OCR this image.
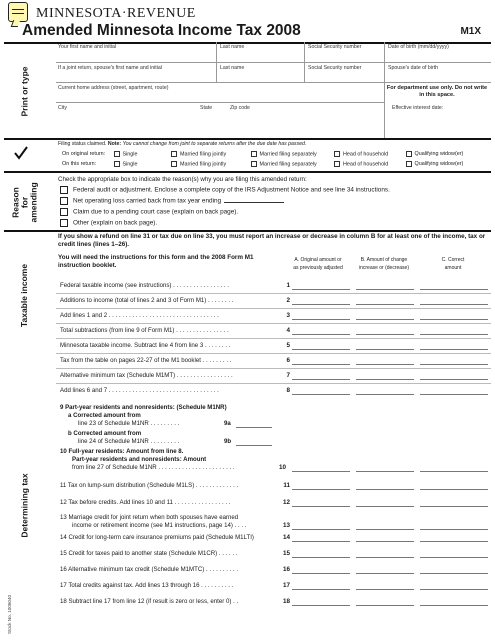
MINNESOTA·REVENUE
Amended Minnesota Income Tax 2008	M1X
Print or type
Your first name and initial	Last name	Social Security number	Date of birth (mm/dd/yyyy)
If a joint return, spouse's first name and initial	Last name	Social Security number	Spouse's date of birth
Current home address (street, apartment, route)	For department use only. Do not write in this space.
City	State	Zip code	Effective interest date:
Filing status claimed. Note: You cannot change from joint to separate returns after the due date has passed.
On original return:	Single	Married filing jointly	Married filing separately	Head of household	Qualifying widow(er)
On this return:	Single	Married filing jointly	Married filing separately	Head of household	Qualifying widow(er)
Reason for amending
Check the appropriate box to indicate the reason(s) why you are filing this amended return:
Federal audit or adjustment. Enclose a complete copy of the IRS Adjustment Notice and see line 34 instructions.
Net operating loss carried back from tax year ending
Claim due to a pending court case (explain on back page).
Other (explain on back page).
If you show a refund on line 31 or tax due on line 33, you must report an increase or decrease in column B for at least one of the income, tax or credit lines (lines 1–26).
You will need the instructions for this form and the 2008 Form M1 instruction booklet.
A. Original amount or
as previously adjusted
B. Amount of change
increase or (decrease)
C. Correct
amount
Taxable income
Determining tax
Federal taxable income (see instructions) . . . . . . . . . . . . . . . . .	1
Additions to income (total of lines 2 and 3 of Form M1) . . . . . . . .	2
Add lines 1 and 2 . . . . . . . . . . . . . . . . . . . . . . . . . . . . . . . . .	3
Total subtractions (from line 9 of Form M1) . . . . . . . . . . . . . . . .	4
Minnesota taxable income. Subtract line 4 from line 3 . . . . . . . .	5
Tax from the table on pages 22-27 of the M1 booklet . . . . . . . . .	6
Alternative minimum tax (Schedule M1MT) . . . . . . . . . . . . . . . . .	7
Add lines 6 and 7 . . . . . . . . . . . . . . . . . . . . . . . . . . . . . . . . .	8
9 Part-year residents and nonresidents: (Schedule M1NR)
a Corrected amount from
line 23 of Schedule M1NR . . . . . . . . .	9a
b Corrected amount from
line 24 of Schedule M1NR . . . . . . . . .	9b
10 Full-year residents: Amount from line 8.
Part-year residents and nonresidents: Amount
from line 27 of Schedule M1NR . . . . . . . . . . . . . . . . . . . . . . .	10
11 Tax on lump-sum distribution (Schedule M1LS) . . . . . . . . . . . . .	11
12 Tax before credits. Add lines 10 and 11 . . . . . . . . . . . . . . . . .	12
13 Marriage credit for joint return when both spouses have earned
income or retirement income (see M1 instructions, page 14) . . . .	13
14 Credit for long-term care insurance premiums paid (Schedule M1LTI)	14
15 Credit for taxes paid to another state (Schedule M1CR) . . . . . .	15
16 Alternative minimum tax credit (Schedule M1MTC) . . . . . . . . . .	16
17 Total credits against tax. Add lines 13 through 16 . . . . . . . . . .	17
18 Subtract line 17 from line 12 (if result is zero or less, enter 0) . .	18
Stock No. 1006040
